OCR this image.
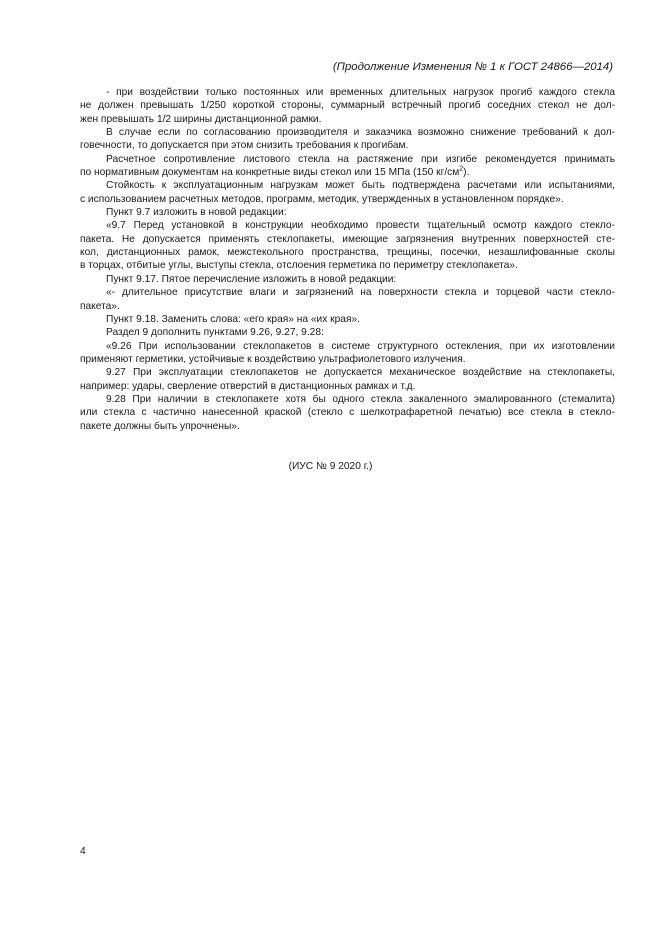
(Продолжение Изменения № 1 к ГОСТ 24866—2014)
- при воздействии только постоянных или временных длительных нагрузок прогиб каждого стекла
не должен превышать 1/250 короткой стороны, суммарный встречный прогиб соседних стекол не дол-
жен превышать 1/2 ширины дистанционной рамки.
В случае если по согласованию производителя и заказчика возможно снижение требований к дол-
говечности, то допускается при этом снизить требования к прогибам.
Расчетное сопротивление листового стекла на растяжение при изгибе рекомендуется принимать
по нормативным документам на конкретные виды стекол или 15 МПа (150 $кг/см^2$).
Стойкость к эксплуатационным нагрузкам может быть подтверждена расчетами или испытаниями,
с использованием расчетных методов, программ, методик, утвержденных в установленном порядке».
Пункт 9.7 изложить в новой редакции:
«9.7 Перед установкой в конструкции необходимо провести тщательный осмотр каждого стекло-
пакета. Не допускается применять стеклопакеты, имеющие загрязнения внутренних поверхностей сте-
кол, дистанционных рамок, межстекольного пространства, трещины, посечки, незашлифованные сколы
в торцах, отбитые углы, выступы стекла, отслоения герметика по периметру стеклопакета».
Пункт 9.17. Пятое перечисление изложить в новой редакции:
«- длительное присутствие влаги и загрязнений на поверхности стекла и торцевой части стекло-
пакета».
Пункт 9.18. Заменить слова: «его края» на «их края».
Раздел 9 дополнить пунктами 9.26, 9.27, 9.28:
«9.26 При использовании стеклопакетов в системе структурного остекления, при их изготовлении
применяют герметики, устойчивые к воздействию ультрафиолетового излучения.
9.27 При эксплуатации стеклопакетов не допускается механическое воздействие на стеклопакеты,
например: удары, сверление отверстий в дистанционных рамках и т.д.
9.28 При наличии в стеклопакете хотя бы одного стекла закаленного эмалированного (стемалита)
или стекла с частично нанесенной краской (стекло с шелкотрафаретной печатью) все стекла в стекло-
пакете должны быть упрочнены».
(ИУС № 9 2020 г.)
4
